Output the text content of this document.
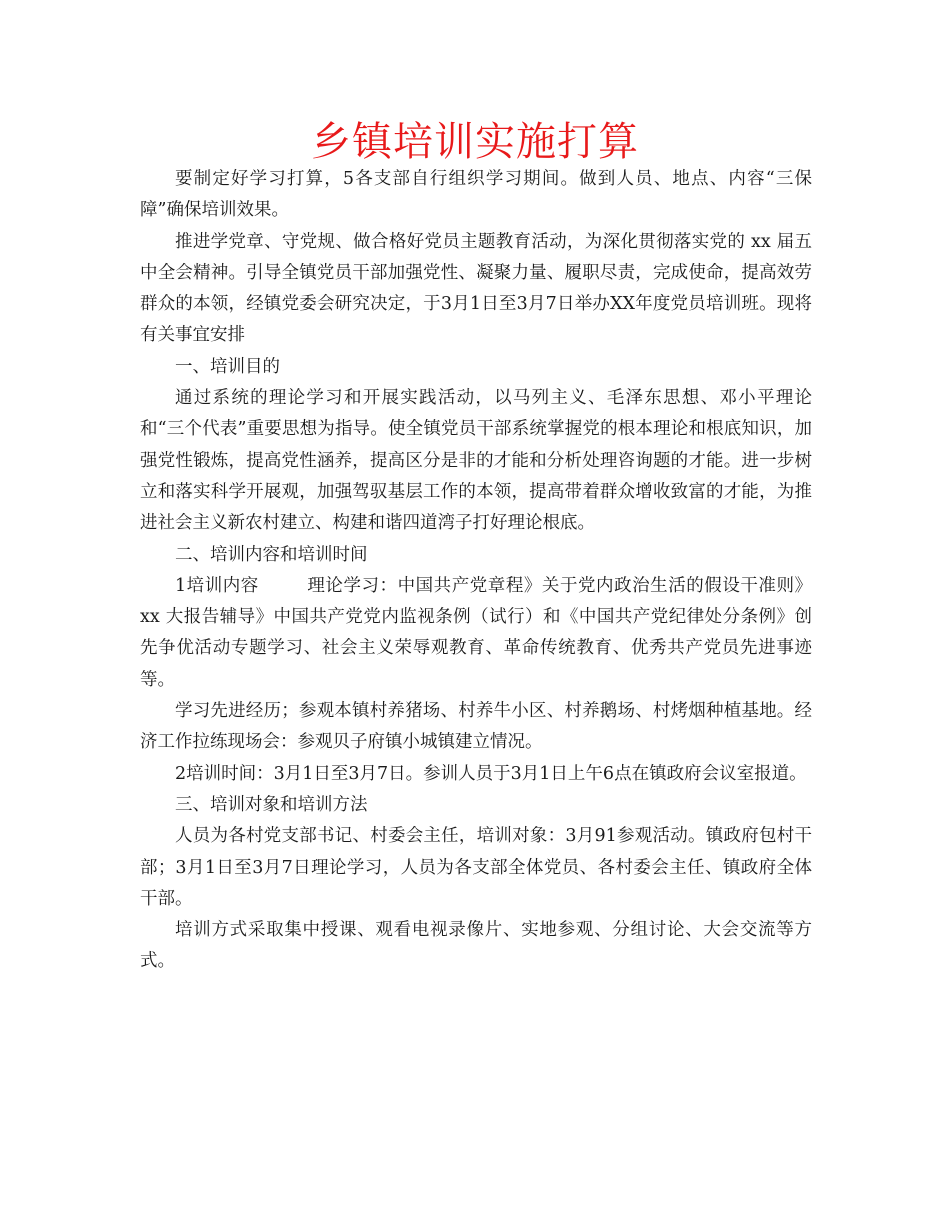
乡镇培训实施打算

要制定好学习打算，5各支部自行组织学习期间。做到人员、地点、内容“三保障”确保培训效果。

推进学党章、守党规、做合格好党员主题教育活动，为深化贯彻落实党的 xx 届五中全会精神。引导全镇党员干部加强党性、凝聚力量、履职尽责，完成使命，提高效劳群众的本领，经镇党委会研究决定，于3月1日至3月7日举办XX年度党员培训班。现将有关事宜安排

一、培训目的

通过系统的理论学习和开展实践活动，以马列主义、毛泽东思想、邓小平理论和“三个代表”重要思想为指导。使全镇党员干部系统掌握党的根本理论和根底知识，加强党性锻炼，提高党性涵养，提高区分是非的才能和分析处理咨询题的才能。进一步树立和落实科学开展观，加强驾驭基层工作的本领，提高带着群众增收致富的才能，为推进社会主义新农村建立、构建和谐四道湾子打好理论根底。

二、培训内容和培训时间

1培训内容	理论学习：中国共产党章程》关于党内政治生活的假设干准则》xx 大报告辅导》中国共产党党内监视条例（试行）和《中国共产党纪律处分条例》创先争优活动专题学习、社会主义荣辱观教育、革命传统教育、优秀共产党员先进事迹等。

学习先进经历；参观本镇村养猪场、村养牛小区、村养鹅场、村烤烟种植基地。经济工作拉练现场会：参观贝子府镇小城镇建立情况。

2培训时间：3月1日至3月7日。参训人员于3月1日上午6点在镇政府会议室报道。

三、培训对象和培训方法

人员为各村党支部书记、村委会主任，培训对象：3月91参观活动。镇政府包村干部；3月1日至3月7日理论学习，人员为各支部全体党员、各村委会主任、镇政府全体干部。

培训方式采取集中授课、观看电视录像片、实地参观、分组讨论、大会交流等方式。
